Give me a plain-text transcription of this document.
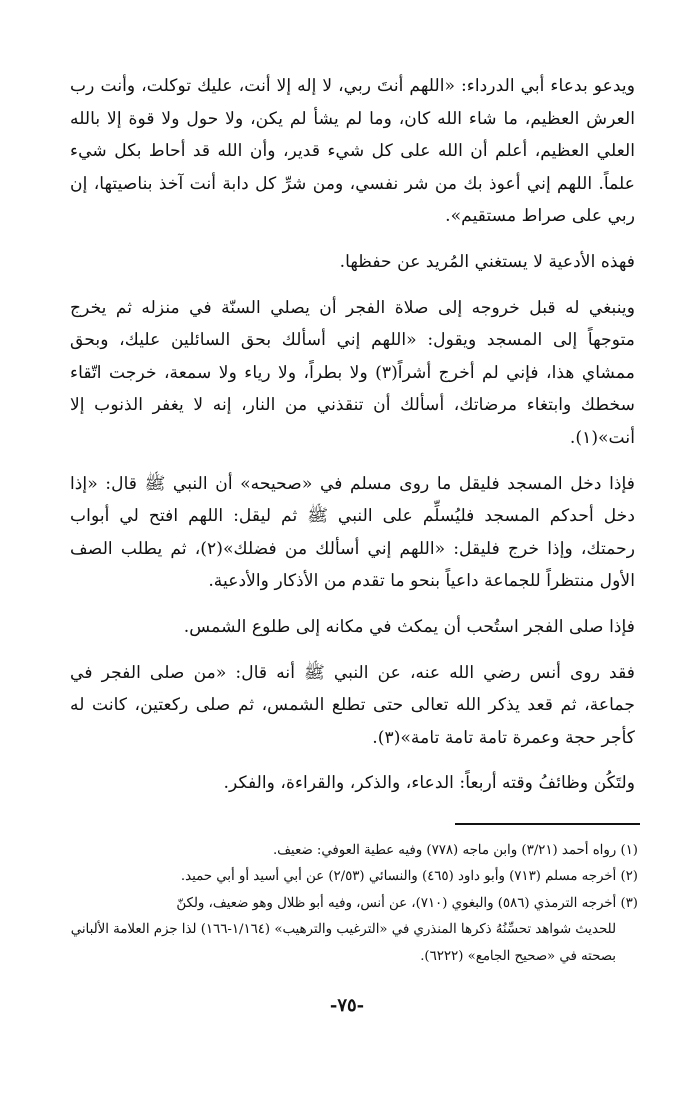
ويدعو بدعاء أبي الدرداء: «اللهم أنتَ ربي، لا إله إلا أنت، عليك توكلت، وأنت رب العرش العظيم، ما شاء الله كان، وما لم يشأ لم يكن، ولا حول ولا قوة إلا بالله العلي العظيم، أعلم أن الله على كل شيء قدير، وأن الله قد أحاط بكل شيء علماً. اللهم إني أعوذ بك من شر نفسي، ومن شرِّ كل دابة أنت آخذ بناصيتها، إن ربي على صراط مستقيم».

فهذه الأدعية لا يستغني المُريد عن حفظها.

وينبغي له قبل خروجه إلى صلاة الفجر أن يصلي السنّة في منزله ثم يخرج متوجهاً إلى المسجد ويقول: «اللهم إني أسألك بحق السائلين عليك، وبحق ممشاي هذا، فإني لم أخرج أشراً(٣) ولا بطراً، ولا رياء ولا سمعة، خرجت اتّقاء سخطك وابتغاء مرضاتك، أسألك أن تنقذني من النار، إنه لا يغفر الذنوب إلا أنت»(١).

فإذا دخل المسجد فليقل ما روى مسلم في «صحيحه» أن النبي ﷺ قال: «إذا دخل أحدكم المسجد فليُسلِّم على النبي ﷺ ثم ليقل: اللهم افتح لي أبواب رحمتك، وإذا خرج فليقل: «اللهم إني أسألك من فضلك»(٢)، ثم يطلب الصف الأول منتظراً للجماعة داعياً بنحو ما تقدم من الأذكار والأدعية.

فإذا صلى الفجر استُحب أن يمكث في مكانه إلى طلوع الشمس.

فقد روى أنس رضي الله عنه، عن النبي ﷺ أنه قال: «من صلى الفجر في جماعة، ثم قعد يذكر الله تعالى حتى تطلع الشمس، ثم صلى ركعتين، كانت له كأجر حجة وعمرة تامة تامة تامة»(٣).

ولتَكُن وظائفُ وقته أربعاً: الدعاء، والذكر، والقراءة، والفكر.

(١) رواه أحمد (٣/٢١) وابن ماجه (٧٧٨) وفيه عطية العوفي: ضعيف.

(٢) أخرجه مسلم (٧١٣) وأبو داود (٤٦٥) والنسائي (٢/٥٣) عن أبي أسيد أو أبي حميد.

(٣) أخرجه الترمذي (٥٨٦) والبغوي (٧١٠)، عن أنس، وفيه أبو ظلال وهو ضعيف، ولكنّ
للحديث شواهد تحسِّنُهُ ذكرها المنذري في «الترغيب والترهيب» (١/١٦٤-١٦٦) لذا جزم العلامة الألباني بصحته في «صحيح الجامع» (٦٢٢٢).

-٧٥-
